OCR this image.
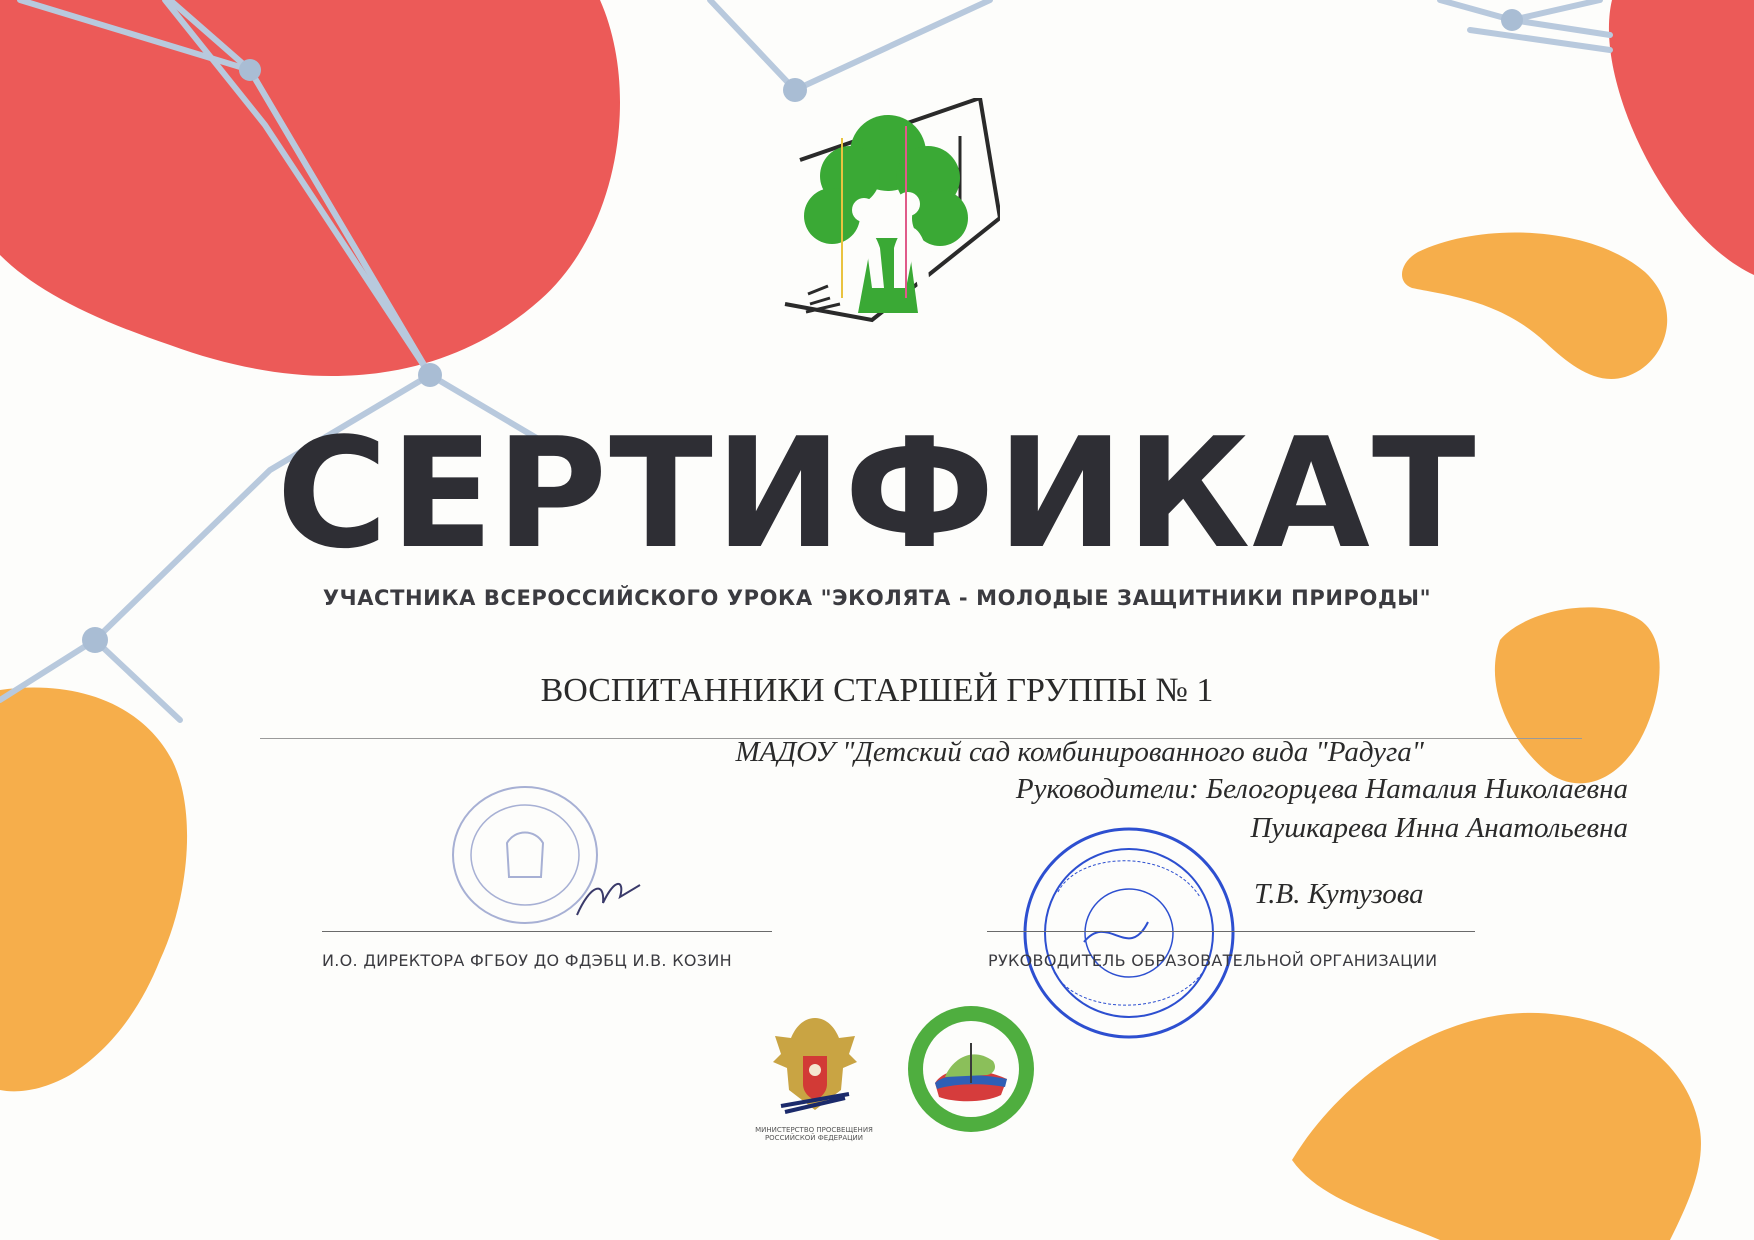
СЕРТИФИКАТ
УЧАСТНИКА ВСЕРОССИЙСКОГО УРОКА "ЭКОЛЯТА - МОЛОДЫЕ ЗАЩИТНИКИ ПРИРОДЫ"
ВОСПИТАННИКИ СТАРШЕЙ ГРУППЫ № 1
МАДОУ "Детский сад комбинированного вида "Радуга"
Руководители: Белогорцева Наталия Николаевна
Пушкарева Инна Анатольевна
Т.В. Кутузова
И.О. ДИРЕКТОРА ФГБОУ ДО ФДЭБЦ И.В. КОЗИН	РУКОВОДИТЕЛЬ ОБРАЗОВАТЕЛЬНОЙ ОРГАНИЗАЦИИ
МИНИСТЕРСТВО ПРОСВЕЩЕНИЯ РОССИЙСКОЙ ФЕДЕРАЦИИ
